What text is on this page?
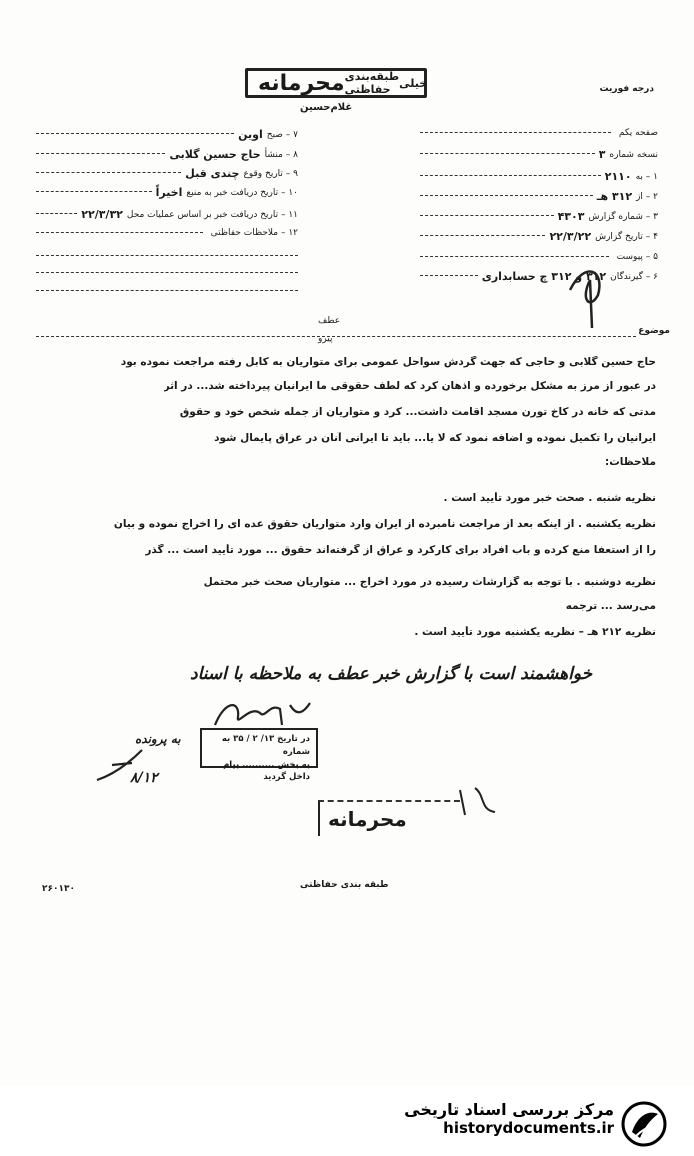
محرمانه طبقه‌بندی حفاظتی خیلی
غلام‌حسین
درجه فوریت
۷ – صبح
اوین
۸ – منشأ
حاج حسین گلابی
۹ – تاریخ وقوع
چندی قبل
۱۰ – تاریخ دریافت خبر به منبع
اخیراً
۱۱ – تاریخ دریافت خبر بر اساس عملیات محل
۲۲/۳/۳۲
۱۲ – ملاحظات حفاظتی
صفحه یکم
نسخه شماره
۳
۱ – به
۲۱۱۰
۲ – از
۳۱۲ هـ
۳ – شماره گزارش
۴۳۰۳
۴ – تاریخ گزارش
۲۲/۳/۲۲
۵ – پیوست
۶ – گیرندگان
۳۱۲ و ۳۱۲ چ حسابداری
موضوع
عطف
پیرو
حاج حسین گلابی و حاجی که جهت گردش سواحل عمومی برای متواریان به کابل رفته مراجعت نموده بود
در عبور از مرز به مشکل برخورده و اذهان کرد که لطف حقوقی ما ایرانیان پیرداخته شد... در اثر
مدتی که خانه در کاخ تورن مسجد اقامت داشت... کرد و متواریان از جمله شخص خود و حقوق
ایرانیان را تکمیل نموده و اضافه نمود که لا یا... باید تا ایرانی آنان در عراق پایمال شود
ملاحظات:
نظریه شنبه . صحت خبر مورد تأیید است .
نظریه یکشنبه . از اینکه بعد از مراجعت نامبرده از ایران وارد متواریان حقوق عده ای را اخراج نموده و بیان
را از استعفا منع کرده و باب افراد برای کارکرد و عراق از گرفته‌اند حقوق ... مورد تأیید است ... گذر
نظریه دوشنبه . با توجه به گزارشات رسیده در مورد اخراج ... متواریان صحت خبر محتمل
می‌رسد ... ترجمه
نظریه ۲۱۲ هـ – نظریه یکشنبه مورد تأیید است .
خواهشمند است با گزارش خبر عطف به ملاحظه با اسناد
در تاریخ ۱۳/ ۲ / ۳۵ به شماره
به بخش .......... پیام داخل گردید
به پرونده
۸/۱۲
محرمانه
طبقه بندی حفاظتی
۲۶۰۱۳۰
مرکز بررسی اسناد تاریخی
historydocuments.ir
